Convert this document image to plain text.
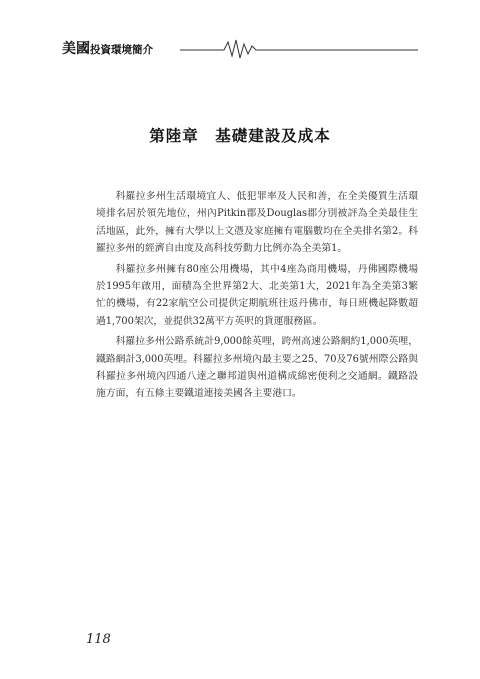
美國投資環境簡介
第陸章　基礎建設及成本

科羅拉多州生活環境宜人、低犯罪率及人民和善，在全美優質生活環境排名居於領先地位，州內Pitkin郡及Douglas郡分別被評為全美最佳生活地區，此外，擁有大學以上文憑及家庭擁有電腦數均在全美排名第2。科羅拉多州的經濟自由度及高科技勞動力比例亦為全美第1。

科羅拉多州擁有80座公用機場，其中4座為商用機場，丹佛國際機場於1995年啟用，面積為全世界第2大、北美第1大，2021年為全美第3繁忙的機場，有22家航空公司提供定期航班往返丹佛市，每日班機起降數超過1,700架次，並提供32萬平方英呎的貨運服務區。

科羅拉多州公路系統計9,000餘英哩，跨州高速公路網約1,000英哩，鐵路網計3,000英哩。科羅拉多州境內最主要之25、70及76號州際公路與科羅拉多州境內四通八達之聯邦道與州道構成綿密便利之交通網。鐵路設施方面，有五條主要鐵道連接美國各主要港口。

118
